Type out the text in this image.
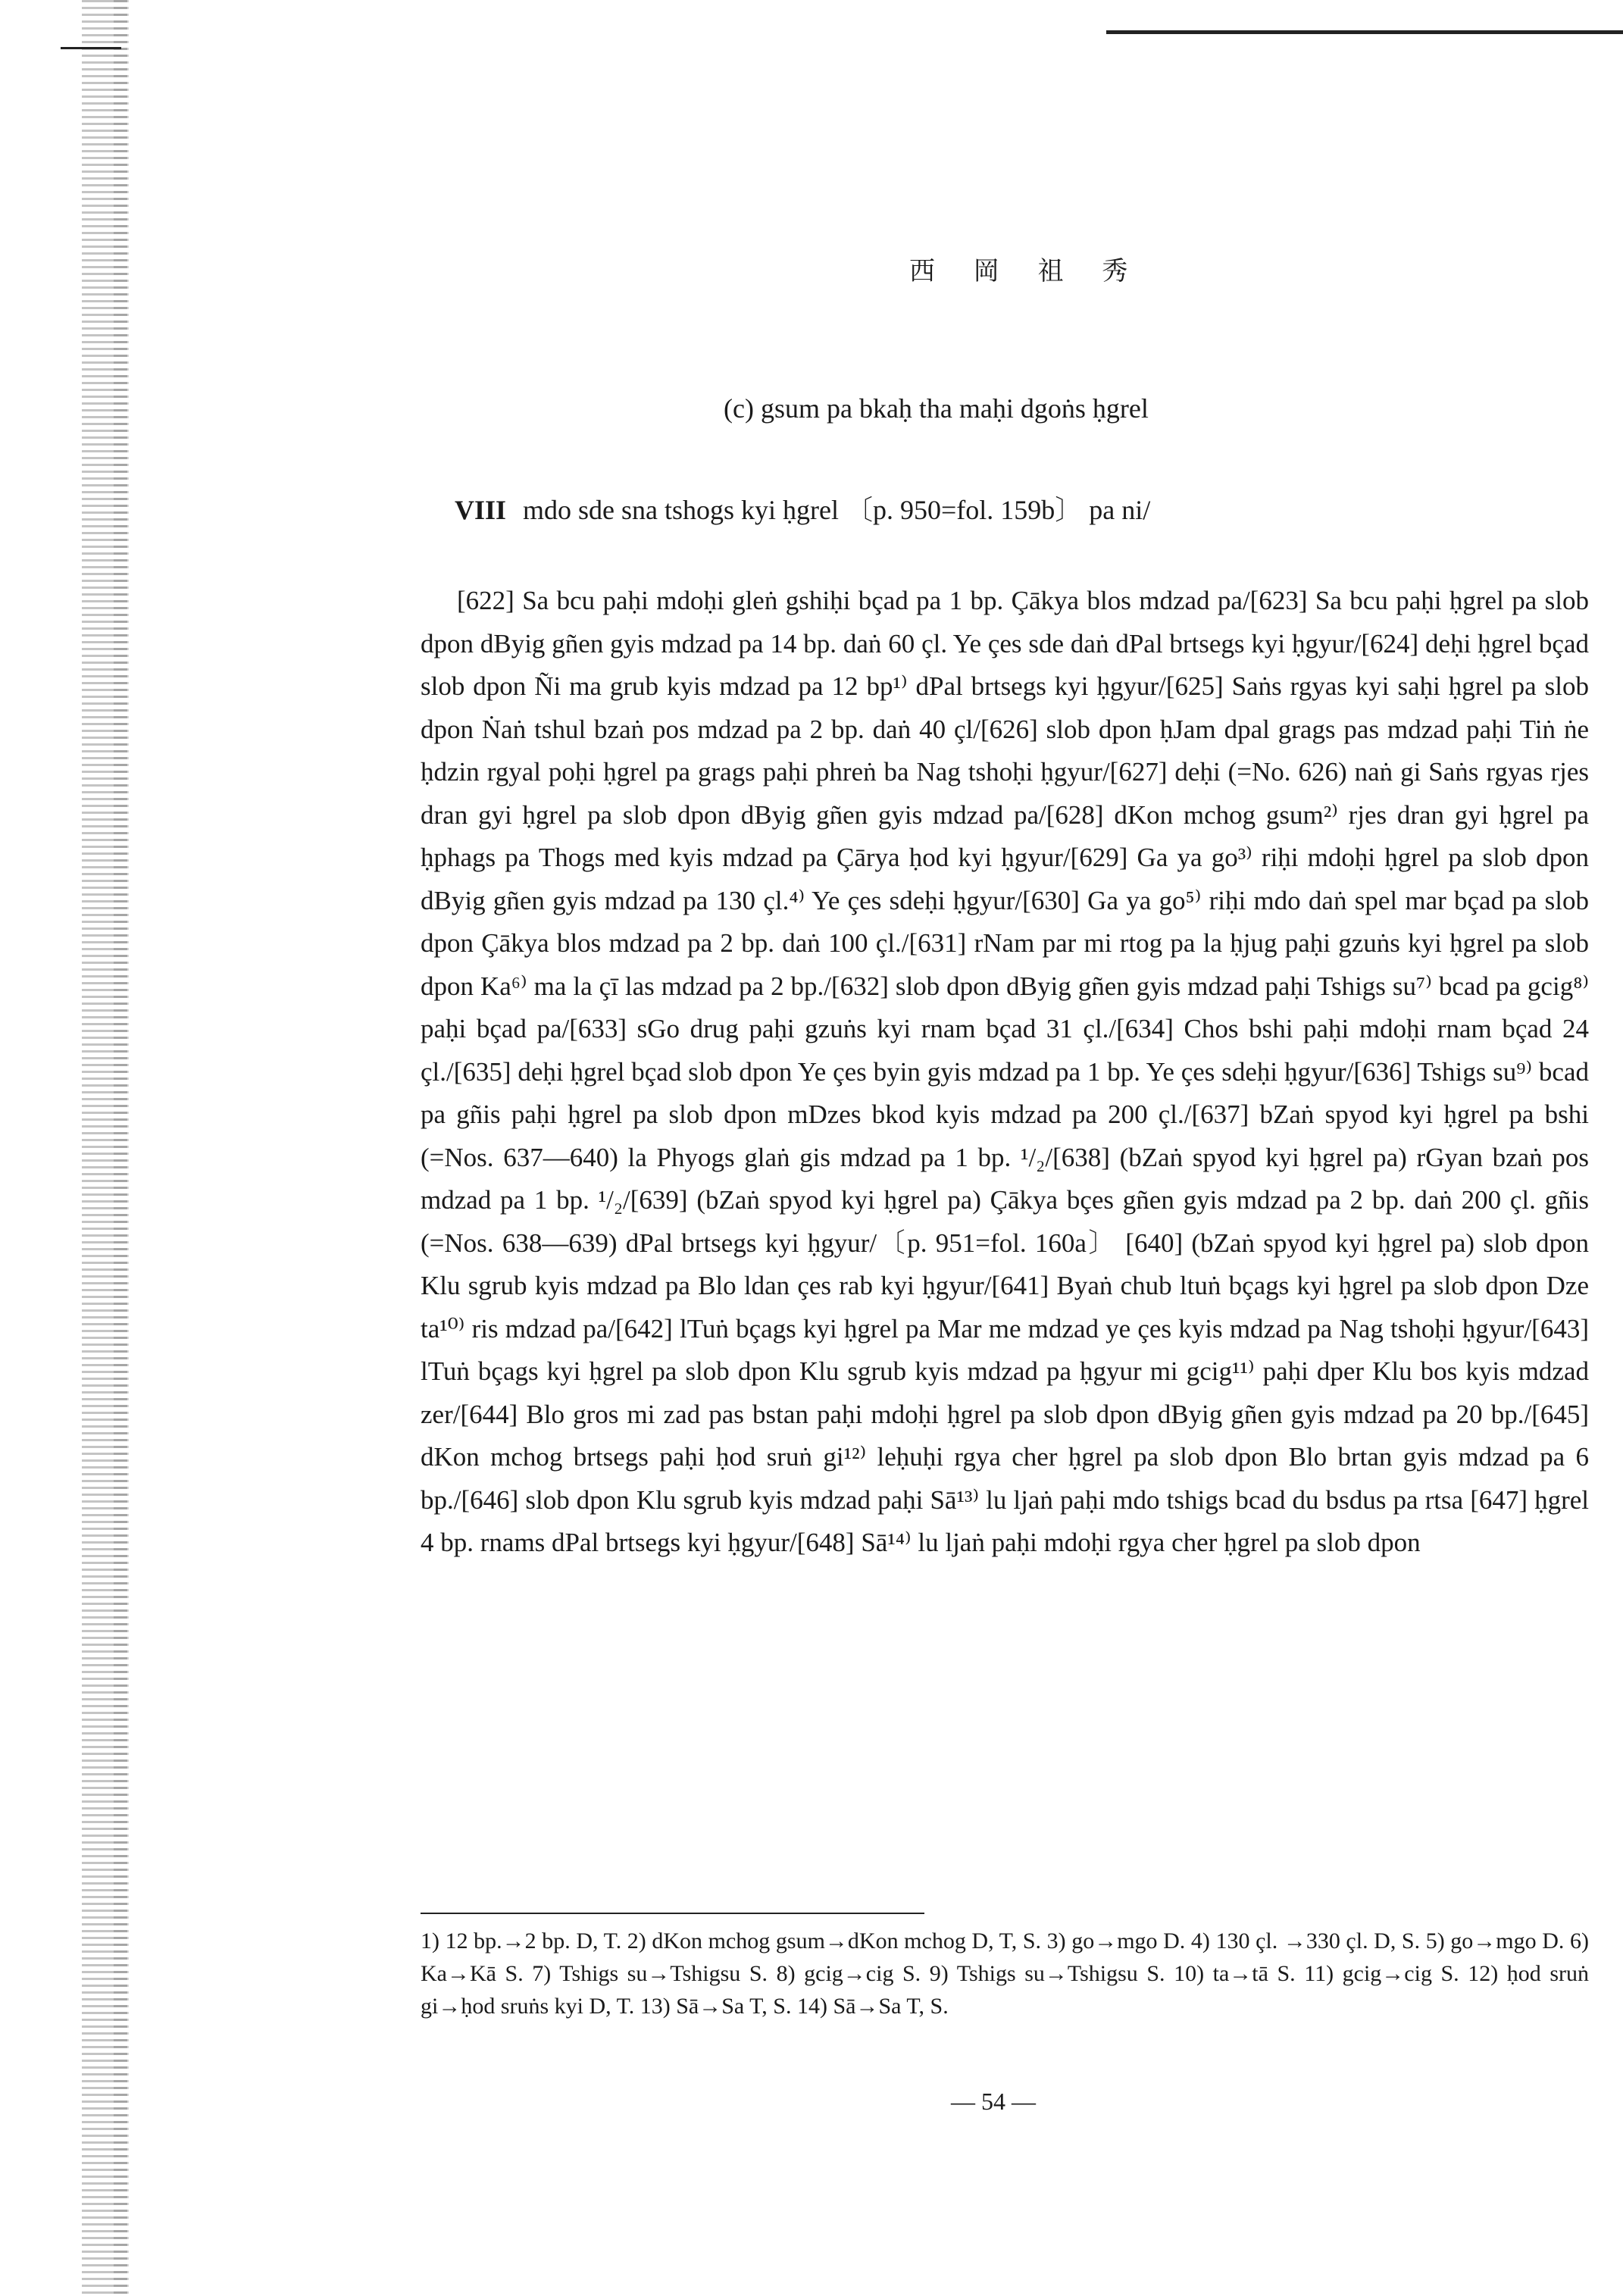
西 岡 祖 秀
(c) gsum pa bkaḥ tha maḥi dgoṅs ḥgrel
VIII mdo sde sna tshogs kyi ḥgrel 〔p. 950=fol. 159b〕 pa ni/
[622] Sa bcu paḥi mdoḥi gleṅ gshiḥi bçad pa 1 bp. Çākya blos mdzad pa/[623] Sa bcu paḥi ḥgrel pa slob dpon dByig gñen gyis mdzad pa 14 bp. daṅ 60 çl. Ye çes sde daṅ dPal brtsegs kyi ḥgyur/[624] deḥi ḥgrel bçad slob dpon Ñi ma grub kyis mdzad pa 12 bp¹⁾ dPal brtsegs kyi ḥgyur/[625] Saṅs rgyas kyi saḥi ḥgrel pa slob dpon Ṅaṅ tshul bzaṅ pos mdzad pa 2 bp. daṅ 40 çl/[626] slob dpon ḥJam dpal grags pas mdzad paḥi Tiṅ ṅe ḥdzin rgyal poḥi ḥgrel pa grags paḥi phreṅ ba Nag tshoḥi ḥgyur/[627] deḥi (=No. 626) naṅ gi Saṅs rgyas rjes dran gyi ḥgrel pa slob dpon dByig gñen gyis mdzad pa/[628] dKon mchog gsum²⁾ rjes dran gyi ḥgrel pa ḥphags pa Thogs med kyis mdzad pa Çārya ḥod kyi ḥgyur/[629] Ga ya go³⁾ riḥi mdoḥi ḥgrel pa slob dpon dByig gñen gyis mdzad pa 130 çl.⁴⁾ Ye çes sdeḥi ḥgyur/[630] Ga ya go⁵⁾ riḥi mdo daṅ spel mar bçad pa slob dpon Çākya blos mdzad pa 2 bp. daṅ 100 çl./[631] rNam par mi rtog pa la ḥjug paḥi gzuṅs kyi ḥgrel pa slob dpon Ka⁶⁾ ma la çī las mdzad pa 2 bp./[632] slob dpon dByig gñen gyis mdzad paḥi Tshigs su⁷⁾ bcad pa gcig⁸⁾ paḥi bçad pa/[633] sGo drug paḥi gzuṅs kyi rnam bçad 31 çl./[634] Chos bshi paḥi mdoḥi rnam bçad 24 çl./[635] deḥi ḥgrel bçad slob dpon Ye çes byin gyis mdzad pa 1 bp. Ye çes sdeḥi ḥgyur/[636] Tshigs su⁹⁾ bcad pa gñis paḥi ḥgrel pa slob dpon mDzes bkod kyis mdzad pa 200 çl./[637] bZaṅ spyod kyi ḥgrel pa bshi (=Nos. 637—640) la Phyogs glaṅ gis mdzad pa 1 bp. ¹/₂/[638] (bZaṅ spyod kyi ḥgrel pa) rGyan bzaṅ pos mdzad pa 1 bp. ¹/₂/[639] (bZaṅ spyod kyi ḥgrel pa) Çākya bçes gñen gyis mdzad pa 2 bp. daṅ 200 çl. gñis (=Nos. 638—639) dPal brtsegs kyi ḥgyur/〔p. 951=fol. 160a〕 [640] (bZaṅ spyod kyi ḥgrel pa) slob dpon Klu sgrub kyis mdzad pa Blo ldan çes rab kyi ḥgyur/[641] Byaṅ chub ltuṅ bçags kyi ḥgrel pa slob dpon Dze ta¹⁰⁾ ris mdzad pa/[642] lTuṅ bçags kyi ḥgrel pa Mar me mdzad ye çes kyis mdzad pa Nag tshoḥi ḥgyur/[643] lTuṅ bçags kyi ḥgrel pa slob dpon Klu sgrub kyis mdzad pa ḥgyur mi gcig¹¹⁾ paḥi dper Klu bos kyis mdzad zer/[644] Blo gros mi zad pas bstan paḥi mdoḥi ḥgrel pa slob dpon dByig gñen gyis mdzad pa 20 bp./[645] dKon mchog brtsegs paḥi ḥod sruṅ gi¹²⁾ leḥuḥi rgya cher ḥgrel pa slob dpon Blo brtan gyis mdzad pa 6 bp./[646] slob dpon Klu sgrub kyis mdzad paḥi Sā¹³⁾ lu ljaṅ paḥi mdo tshigs bcad du bsdus pa rtsa [647] ḥgrel 4 bp. rnams dPal brtsegs kyi ḥgyur/[648] Sā¹⁴⁾ lu ljaṅ paḥi mdoḥi rgya cher ḥgrel pa slob dpon
1) 12 bp.→2 bp. D, T. 2) dKon mchog gsum→dKon mchog D, T, S. 3) go→mgo D. 4) 130 çl. →330 çl. D, S. 5) go→mgo D. 6) Ka→Kā S. 7) Tshigs su→Tshigsu S. 8) gcig→cig S. 9) Tshigs su→Tshigsu S. 10) ta→tā S. 11) gcig→cig S. 12) ḥod sruṅ gi→ḥod sruṅs kyi D, T. 13) Sā→Sa T, S. 14) Sā→Sa T, S.
— 54 —
